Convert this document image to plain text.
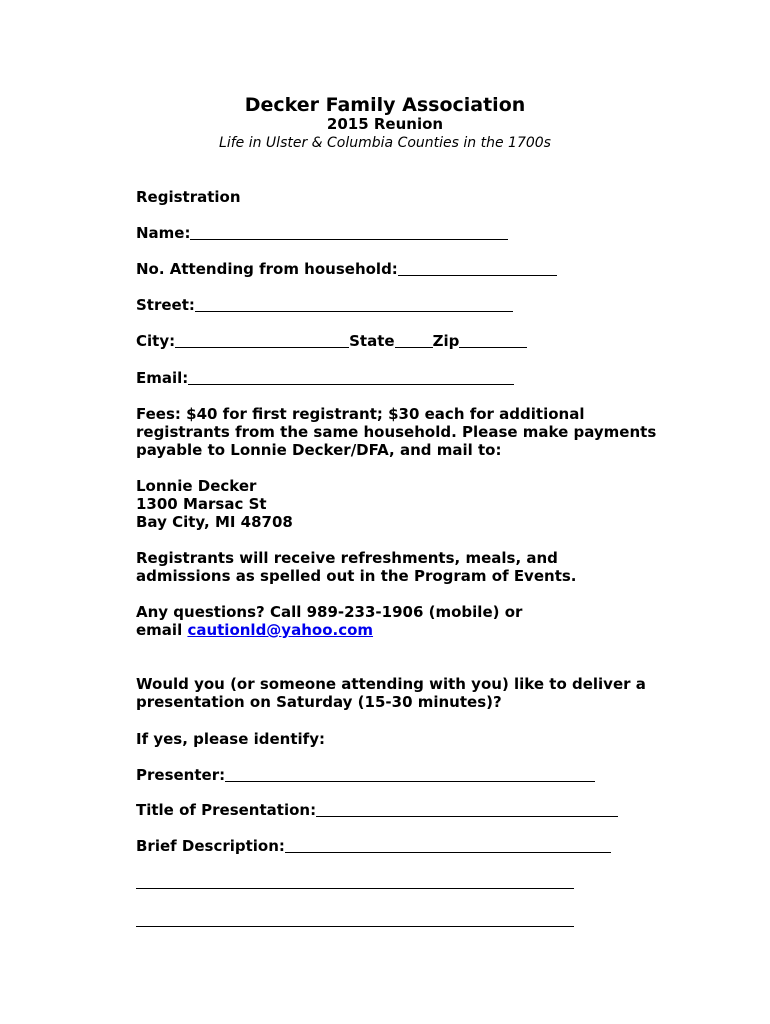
Decker Family Association
2015 Reunion
Life in Ulster & Columbia Counties in the 1700s
Registration
Name:
No. Attending from household:
Street:
City:	State	Zip
Email:
Fees: $40 for first registrant; $30 each for additional
registrants from the same household. Please make payments
payable to Lonnie Decker/DFA, and mail to:
Lonnie Decker
1300 Marsac St
Bay City, MI 48708
Registrants will receive refreshments, meals, and
admissions as spelled out in the Program of Events.
Any questions? Call 989-233-1906 (mobile) or
email cautionld@yahoo.com
Would you (or someone attending with you) like to deliver a
presentation on Saturday (15-30 minutes)?
If yes, please identify:
Presenter:
Title of Presentation:
Brief Description:
